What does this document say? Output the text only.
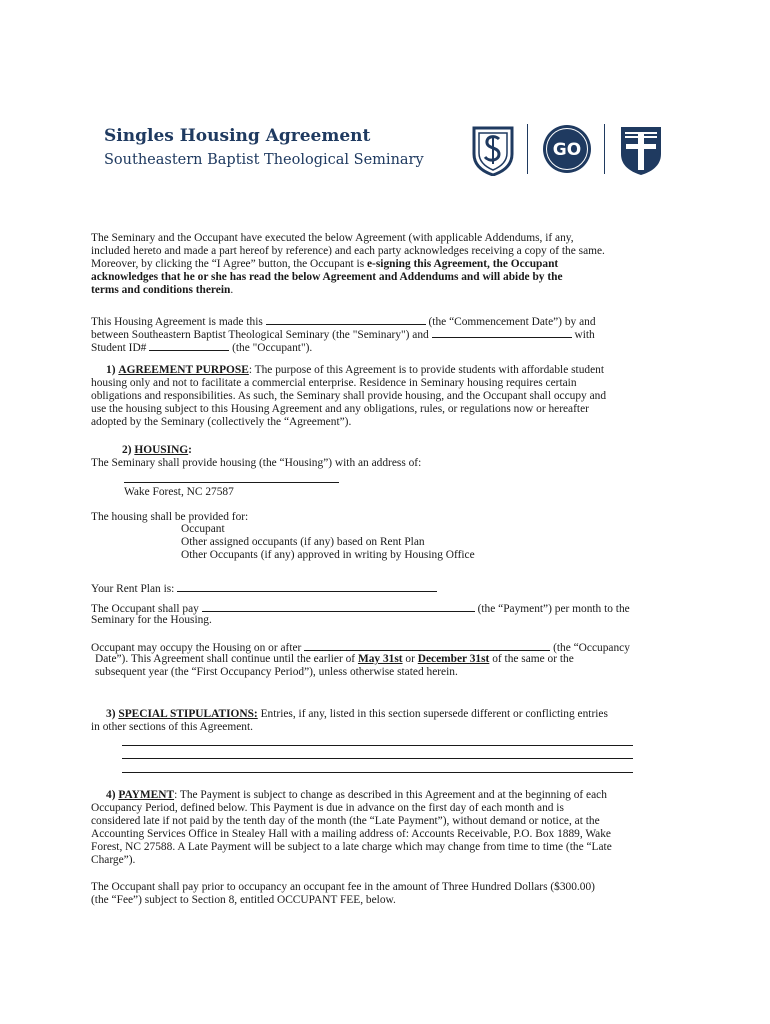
Singles Housing Agreement
Southeastern Baptist Theological Seminary	GO
The Seminary and the Occupant have executed the below Agreement (with applicable Addendums, if any,
included hereto and made a part hereof by reference) and each party acknowledges receiving a copy of the same.
Moreover, by clicking the “I Agree” button, the Occupant is e-signing this Agreement, the Occupant
acknowledges that he or she has read the below Agreement and Addendums and will abide by the
terms and conditions therein.
This Housing Agreement is made this	(the “Commencement Date”) by and
between Southeastern Baptist Theological Seminary (the "Seminary") and	with
Student ID#	(the "Occupant").
1) AGREEMENT PURPOSE: The purpose of this Agreement is to provide students with affordable student
housing only and not to facilitate a commercial enterprise. Residence in Seminary housing requires certain
obligations and responsibilities. As such, the Seminary shall provide housing, and the Occupant shall occupy and
use the housing subject to this Housing Agreement and any obligations, rules, or regulations now or hereafter
adopted by the Seminary (collectively the “Agreement”).
2) HOUSING:
The Seminary shall provide housing (the “Housing”) with an address of:
Wake Forest, NC 27587
The housing shall be provided for:
Occupant
Other assigned occupants (if any) based on Rent Plan
Other Occupants (if any) approved in writing by Housing Office
Your Rent Plan is:
The Occupant shall pay	(the “Payment”) per month to the
Seminary for the Housing.
Occupant may occupy the Housing on or after	(the “Occupancy
Date”). This Agreement shall continue until the earlier of May 31st or December 31st of the same or the
subsequent year (the “First Occupancy Period”), unless otherwise stated herein.
3) SPECIAL STIPULATIONS: Entries, if any, listed in this section supersede different or conflicting entries
in other sections of this Agreement.
4) PAYMENT: The Payment is subject to change as described in this Agreement and at the beginning of each
Occupancy Period, defined below. This Payment is due in advance on the first day of each month and is
considered late if not paid by the tenth day of the month (the “Late Payment”), without demand or notice, at the
Accounting Services Office in Stealey Hall with a mailing address of: Accounts Receivable, P.O. Box 1889, Wake
Forest, NC 27588. A Late Payment will be subject to a late charge which may change from time to time (the “Late
Charge”).
The Occupant shall pay prior to occupancy an occupant fee in the amount of Three Hundred Dollars ($300.00)
(the “Fee”) subject to Section 8, entitled OCCUPANT FEE, below.
